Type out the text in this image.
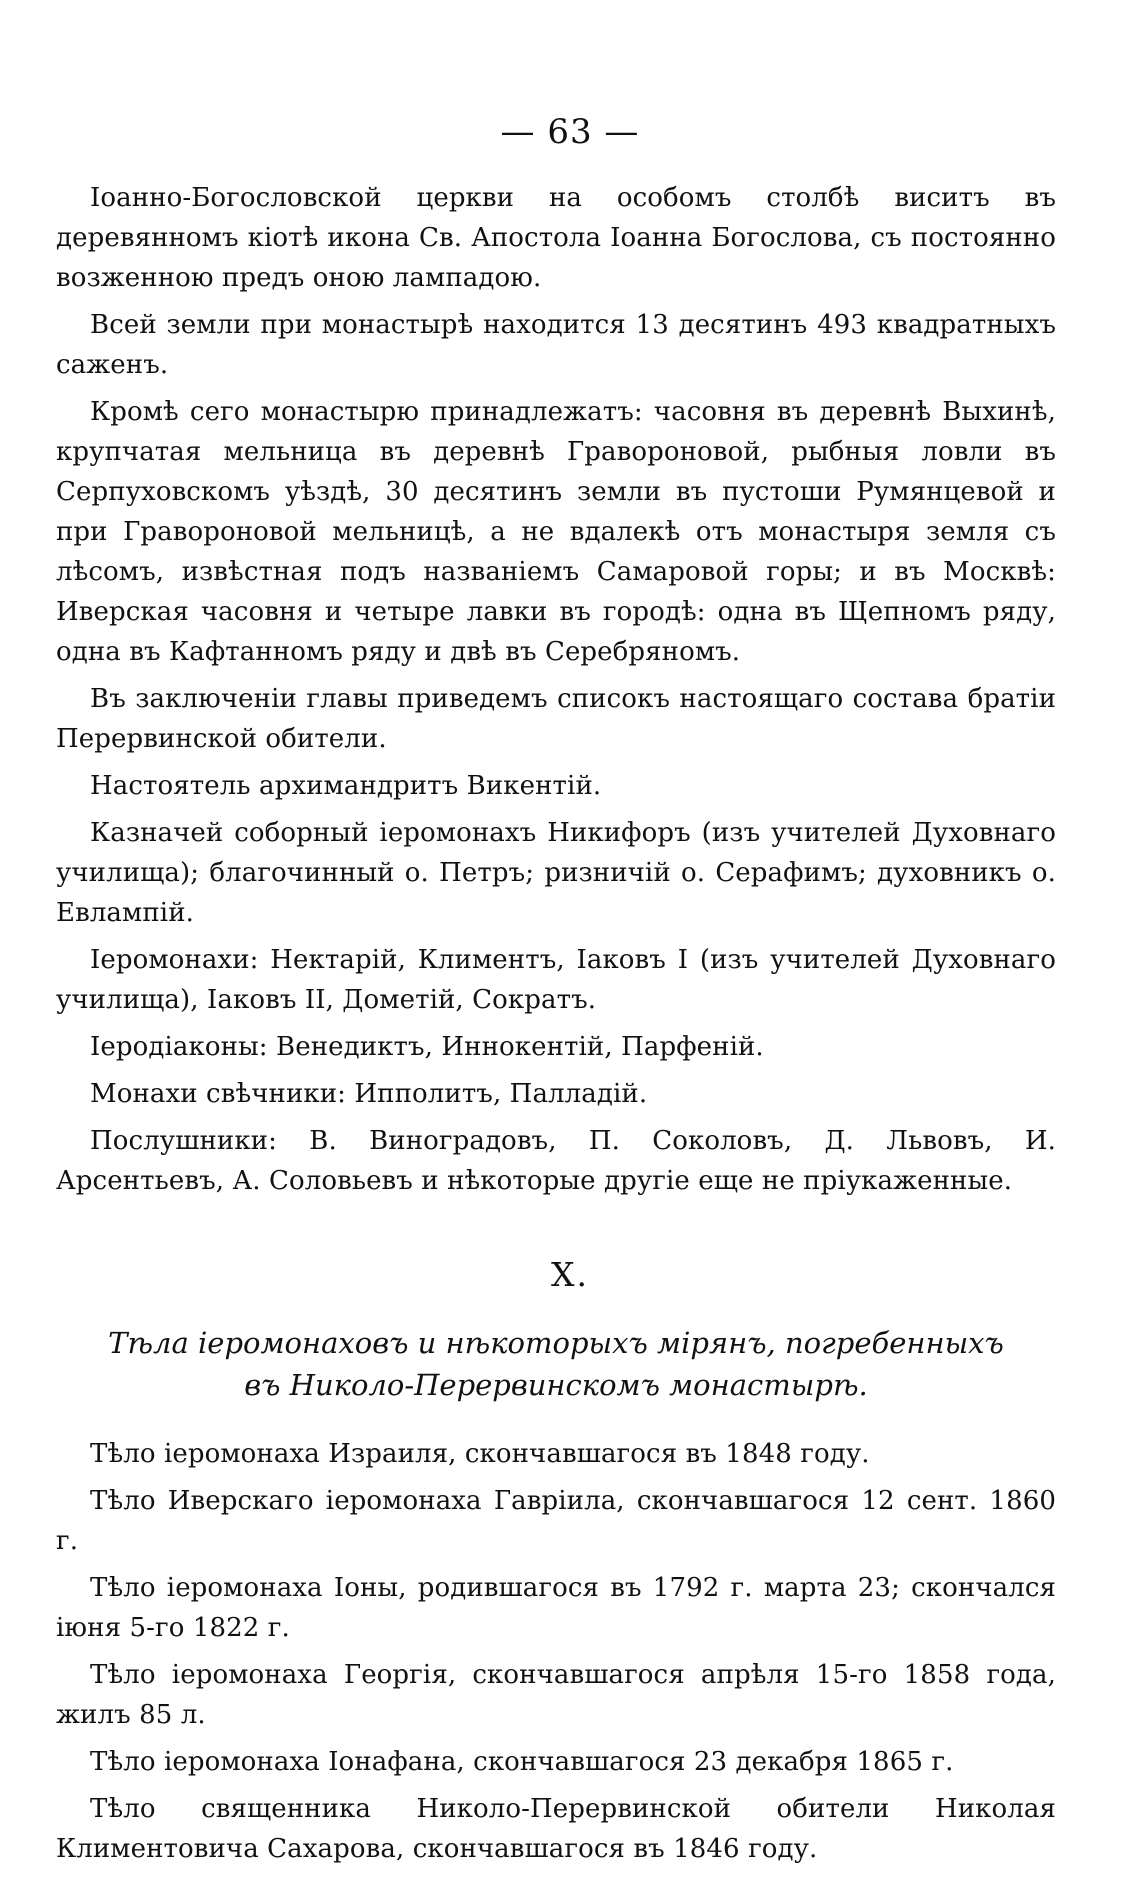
— 63 —

Іоанно-Богословской церкви на особомъ столбѣ виситъ въ деревянномъ кіотѣ икона Св. Апостола Іоанна Богослова, съ постоянно возженною предъ оною лампадою.

Всей земли при монастырѣ находится 13 десятинъ 493 квадратныхъ саженъ.

Кромѣ сего монастырю принадлежатъ: часовня въ деревнѣ Выхинѣ, крупчатая мельница въ деревнѣ Гравороновой, рыбныя ловли въ Серпуховскомъ уѣздѣ, 30 десятинъ земли въ пустоши Румянцевой и при Гравороновой мельницѣ, а не вдалекѣ отъ монастыря земля съ лѣсомъ, извѣстная подъ названіемъ Самаровой горы; и въ Москвѣ: Иверская часовня и четыре лавки въ городѣ: одна въ Щепномъ ряду, одна въ Кафтанномъ ряду и двѣ въ Серебряномъ.

Въ заключеніи главы приведемъ списокъ настоящаго состава братіи Перервинской обители.

Настоятель архимандритъ Викентій.

Казначей соборный іеромонахъ Никифоръ (изъ учителей Духовнаго училища); благочинный о. Петръ; ризничій о. Серафимъ; духовникъ о. Евлампій.

Іеромонахи: Нектарій, Климентъ, Іаковъ I (изъ учителей Духовнаго училища), Іаковъ II, Дометій, Сократъ.

Іеродіаконы: Венедиктъ, Иннокентій, Парфеній.

Монахи свѣчники: Ипполитъ, Палладій.

Послушники: В. Виноградовъ, П. Соколовъ, Д. Львовъ, И. Арсентьевъ, А. Соловьевъ и нѣкоторые другіе еще не пріукаженные.

X.
Тѣла іеромонаховъ и нѣкоторыхъ мірянъ, погребенныхъ
въ Николо-Перервинскомъ монастырѣ.

Тѣло іеромонаха Израиля, скончавшагося въ 1848 году.

Тѣло Иверскаго іеромонаха Гавріила, скончавшагося 12 сент. 1860 г.

Тѣло іеромонаха Іоны, родившагося въ 1792 г. марта 23; скончался іюня 5-го 1822 г.

Тѣло іеромонаха Георгія, скончавшагося апрѣля 15-го 1858 года, жилъ 85 л.

Тѣло іеромонаха Іонафана, скончавшагося 23 декабря 1865 г.

Тѣло священника Николо-Перервинской обители Николая Климентовича Сахарова, скончавшагося въ 1846 году.
